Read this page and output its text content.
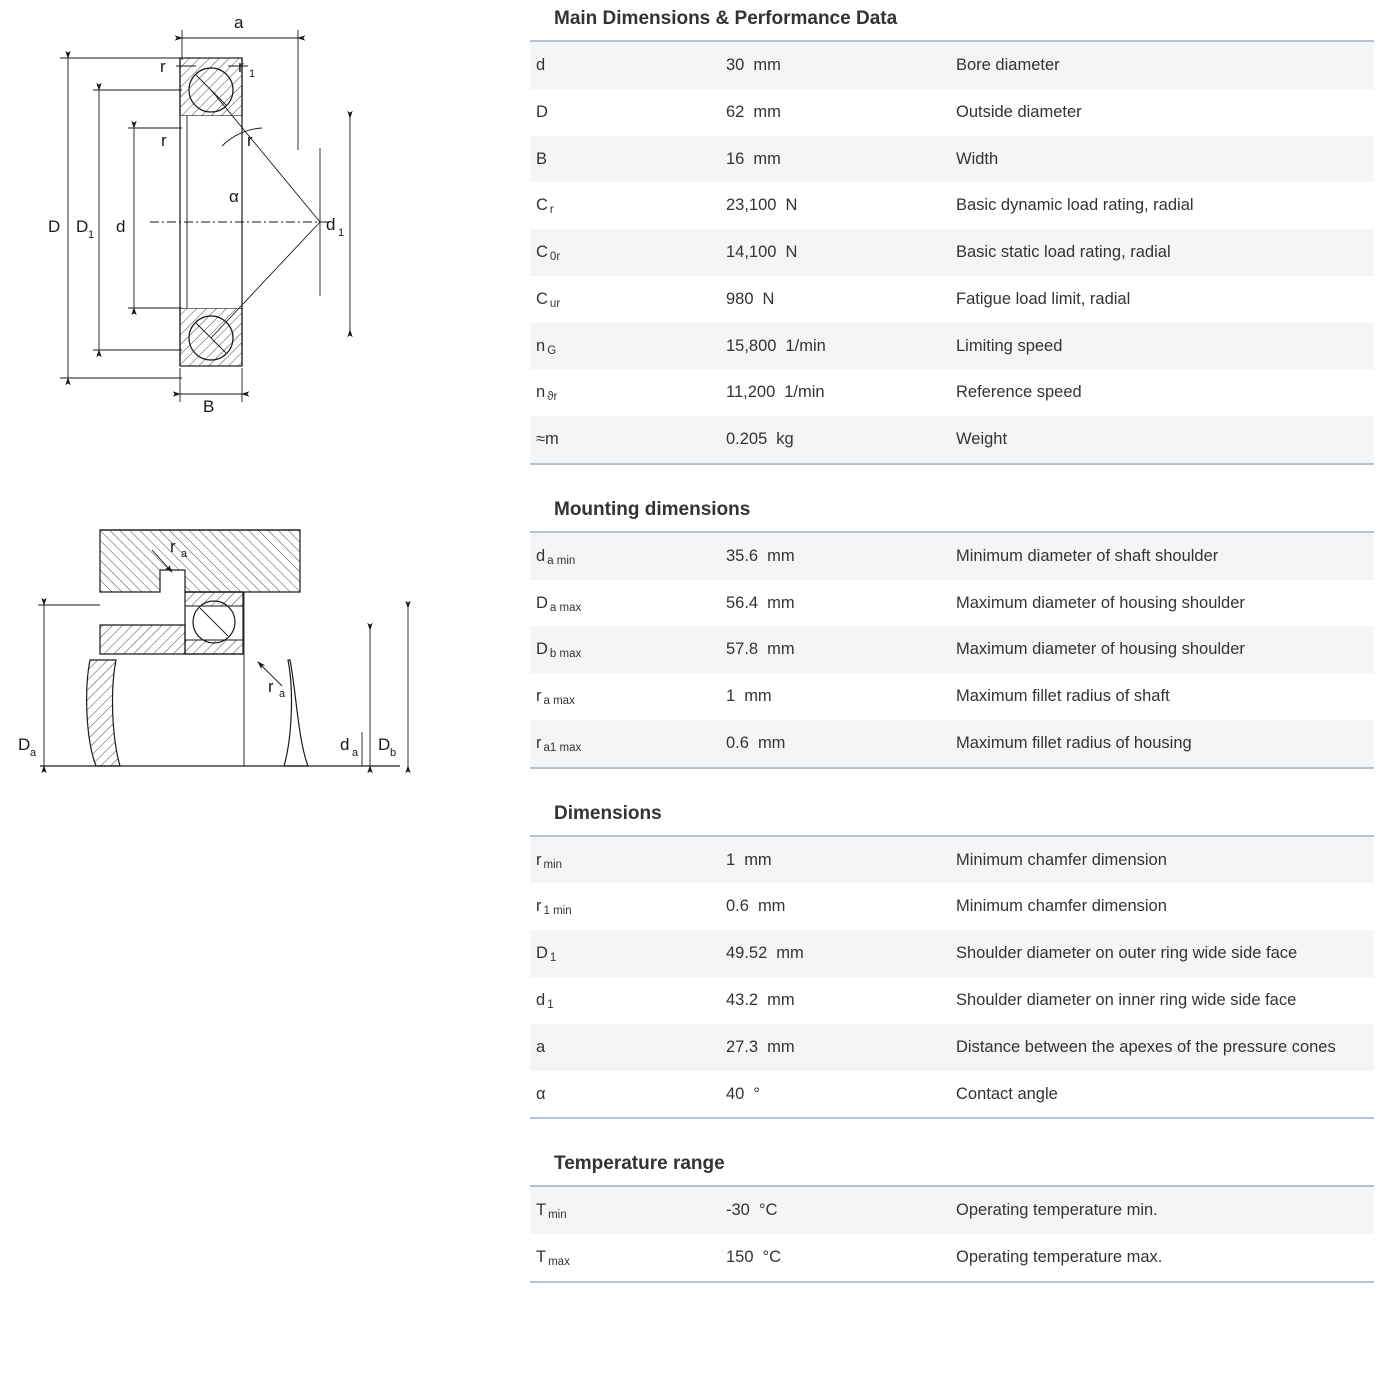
α
a
r	r 1
r	r
D D 1 d	d 1
B
r a
r a
D a	d a D b
Main Dimensions & Performance Data
d	30 mm	Bore diameter
D	62 mm	Outside diameter
B	16 mm	Width
C r	23,100 N	Basic dynamic load rating, radial
C 0r	14,100 N	Basic static load rating, radial
C ur	980 N	Fatigue load limit, radial
n G	15,800 1/min	Limiting speed
n ϑr	11,200 1/min	Reference speed
≈m	0.205 kg	Weight
Mounting dimensions
d a min	35.6 mm	Minimum diameter of shaft shoulder
D a max	56.4 mm	Maximum diameter of housing shoulder
D b max	57.8 mm	Maximum diameter of housing shoulder
r a max	1 mm	Maximum fillet radius of shaft
r a1 max	0.6 mm	Maximum fillet radius of housing
Dimensions
r min	1 mm	Minimum chamfer dimension
r 1 min	0.6 mm	Minimum chamfer dimension
D 1	49.52 mm	Shoulder diameter on outer ring wide side face
d 1	43.2 mm	Shoulder diameter on inner ring wide side face
a	27.3 mm	Distance between the apexes of the pressure cones
α	40 °	Contact angle
Temperature range
T min	-30 °C	Operating temperature min.
T max	150 °C	Operating temperature max.
